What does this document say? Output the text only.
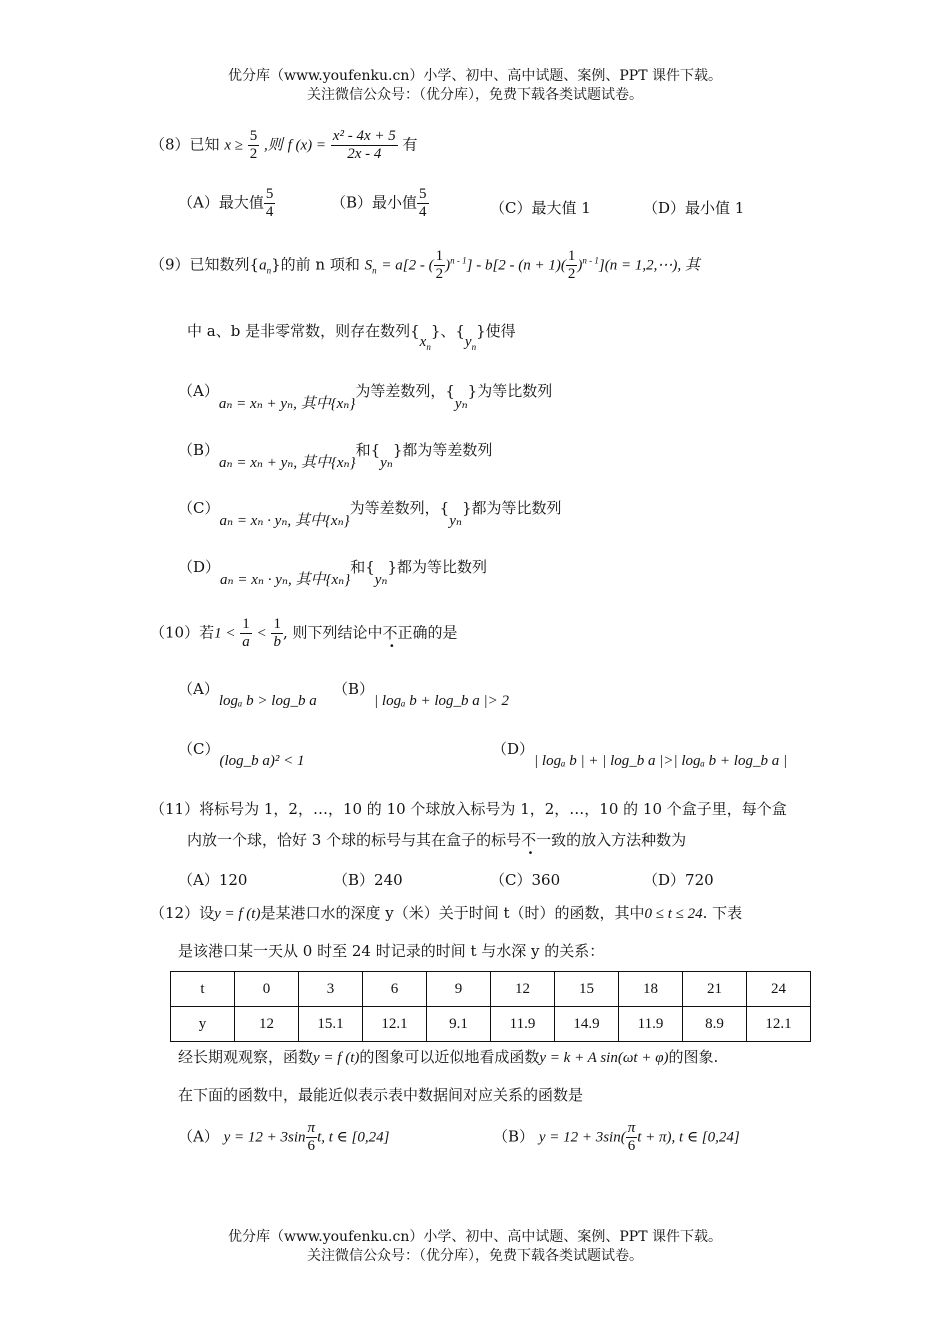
优分库（www.youfenku.cn）小学、初中、高中试题、案例、PPT 课件下载。
关注微信公众号：（优分库），免费下载各类试题试卷。
（8）已知 $x \ge \frac{5}{2}$ ,则 f $(x) = \frac{\text{x² - 4x + 5}}{2x - 4}$ 有
（A）最大值 $\frac{5}{4}$	（B）最小值 $\frac{5}{4}$	（C）最大值 1	（D）最小值 1
（9）已知数列$\{a_n\}$的前 n 项和 $S_n = a[2$ - ( $\frac{1}{2} )^{n - 1}] - b[2 - (n + 1)( \frac{1}{2} )^{n - 1}](n$ = 1,2,⋯), 其
中 a、b 是非零常数，则存在数列$\{x_n\}$、$\{y_n\}$使得
（A）aₙ = xₙ + yₙ, 其中{xₙ}为等差数列，{yₙ}为等比数列
（B）aₙ = xₙ + yₙ, 其中{xₙ}和{yₙ}都为等差数列
（C）aₙ = xₙ · yₙ, 其中{xₙ}为等差数列，{yₙ}都为等比数列
（D）aₙ = xₙ · yₙ, 其中{xₙ}和{yₙ}都为等比数列
（10）若$1 < \frac{1}{a} < \frac{1}{b}$ , 则下列结论中不正确的是
（A）logₐ b > log_b a
（B）| logₐ b + log_b a |> 2
（C）(log_b a)² < 1
（D）| logₐ b | + | log_b a |>| logₐ b + log_b a |
（11）将标号为 1，2，…，10 的 10 个球放入标号为 1，2，…，10 的 10 个盒子里，每个盒
内放一个球，恰好 3 个球的标号与其在盒子的标号不一致的放入方法种数为
（A）120	（B）240	（C）360	（D）720
（12）设y = f (t)是某港口水的深度 y（米）关于时间 t（时）的函数，其中0 ≤ t ≤ 24. 下表
是该港口某一天从 0 时至 24 时记录的时间 t 与水深 y 的关系：
t	0	3	6	9	12	15	18	21	24
y	12	15.1	12.1	9.1	11.9	14.9	11.9	8.9	12.1
经长期观观察，函数y = f (t)的图象可以近似地看成函数y = k + A sin(ωt + φ)的图象.
在下面的函数中，最能近似表示表中数据间对应关系的函数是
（A） $y = 12 + 3\sin \frac{\pi}{6} t$, t ∈ [0,24]	（B） $y = 12 + 3\sin( \frac{\pi}{6}$ t + π), t ∈ [0,24]
优分库（www.youfenku.cn）小学、初中、高中试题、案例、PPT 课件下载。
关注微信公众号：（优分库），免费下载各类试题试卷。
